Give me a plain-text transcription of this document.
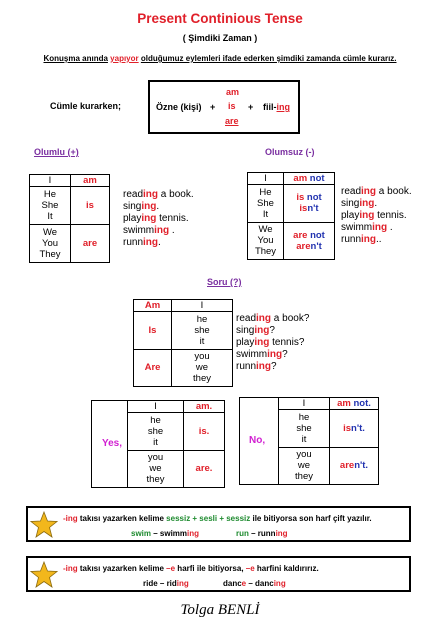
Present Continious Tense
( Şimdiki Zaman )
Konuşma anında yapıyor olduğumuz eylemleri ifade ederken şimdiki zamanda cümle kurarız.
Cümle kurarken;	Özne (kişi) +
am
is
are
+ fiil-ing
Olumlu (+)
I	am	reading a book.
singing.
playing tennis.
swimming .
running.

He
She
It	is	
We
You
They	are	
Olumsuz (-)
I	am not	reading a book.
singing.
playing tennis.
swimming .
running..

He
She
It	is not
isn't	
We
You
They	are not
aren't	
Soru (?)
Am	I	reading a book?
singing?
playing tennis?
swimming?
running?

Is	he
she
it	
Are	you
we
they	
Yes,
I	am.
he
she
it	is.
you
we
they	are.
No,
I	am not.
he
she
it	isn't.
you
we
they	aren't.
-ing takısı yazarken kelime sessiz + sesli + sessiz ile bitiyorsa son harf çift yazılır.
swim – swimming	run – running
-ing takısı yazarken kelime –e harfi ile bitiyorsa, –e harfini kaldırırız.
ride – riding	dance – dancing
Tolga BENLİ
